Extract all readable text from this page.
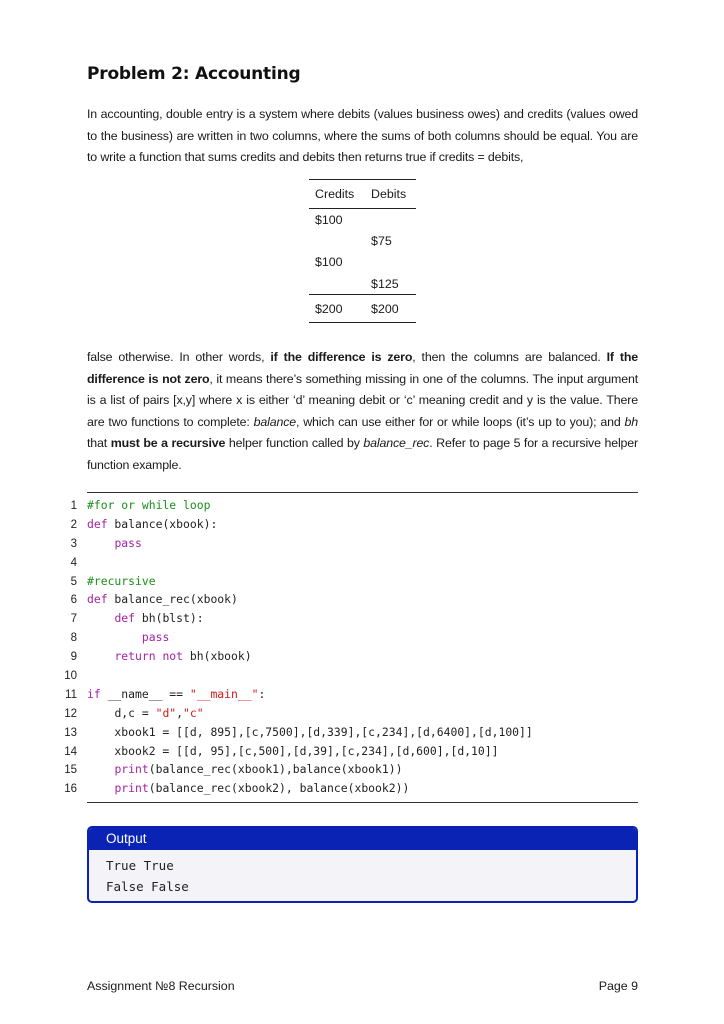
Problem 2: Accounting

In accounting, double entry is a system where debits (values business owes) and credits (values owed to the business) are written in two columns, where the sums of both columns should be equal. You are to write a function that sums credits and debits then returns true if credits = debits,

Credits	Debits
$100	
	$75
$100	
	$125
$200	$200

false otherwise. In other words, if the difference is zero, then the columns are balanced. If the difference is not zero, it means there’s something missing in one of the columns. The input argument is a list of pairs [x,y] where x is either ‘d’ meaning debit or ‘c’ meaning credit and y is the value. There are two functions to complete: balance, which can use either for or while loops (it’s up to you); and bh that must be a recursive helper function called by balance_rec. Refer to page 5 for a recursive helper function example.

1 #for or while loop
2 def balance(xbook):
3	pass
4
5 #recursive
6 def balance_rec(xbook)
7	def bh(blst):
8	pass
9	return not bh(xbook)
10
11 if __name__ == "__main__":
12	d,c = "d","c"
13 xbook1 = [[d, 895],[c,7500],[d,339],[c,234],[d,6400],[d,100]]
14 xbook2 = [[d, 95],[c,500],[d,39],[c,234],[d,600],[d,10]]
15	print(balance_rec(xbook1),balance(xbook1))
16	print(balance_rec(xbook2), balance(xbook2))
Output
True True
False False
Assignment №8 Recursion	Page 9
